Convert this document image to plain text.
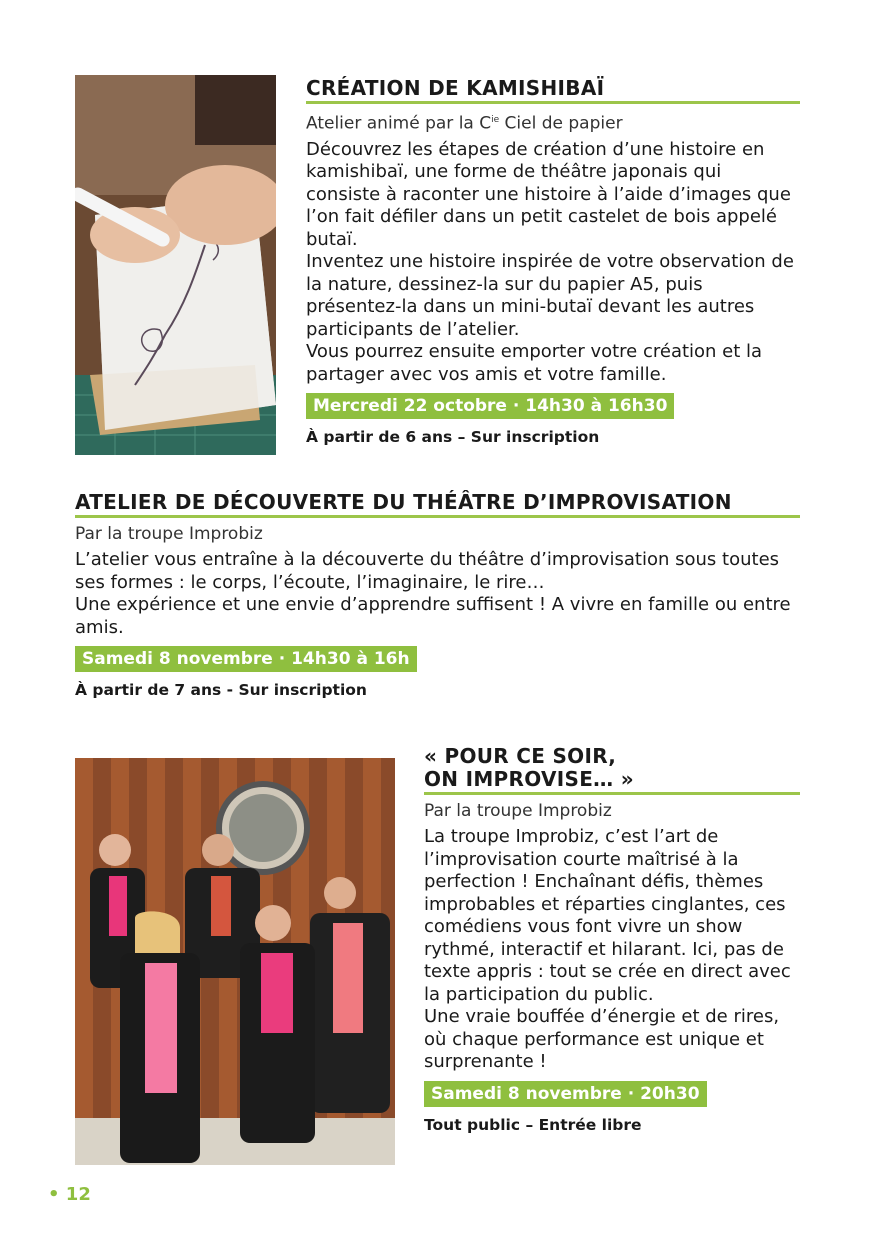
CRÉATION DE KAMISHIBAÏ
Atelier animé par la $C^{ie}$ Ciel de papier

Découvrez les étapes de création d’une histoire en kamishibaï, une forme de théâtre japonais qui consiste à raconter une histoire à l’aide d’images que l’on fait défiler dans un petit castelet de bois appelé butaï.

Inventez une histoire inspirée de votre observation de la nature, dessinez-la sur du papier A5, puis présentez-la dans un mini-butaï devant les autres participants de l’atelier.

Vous pourrez ensuite emporter votre création et la partager avec vos amis et votre famille.

Mercredi 22 octobre · 14h30 à 16h30
À partir de 6 ans – Sur inscription
ATELIER DE DÉCOUVERTE DU THÉÂTRE D’IMPROVISATION
Par la troupe Improbiz

L’atelier vous entraîne à la découverte du théâtre d’improvisation sous toutes ses formes : le corps, l’écoute, l’imaginaire, le rire…

Une expérience et une envie d’apprendre suffisent ! A vivre en famille ou entre amis.

Samedi 8 novembre · 14h30 à 16h
À partir de 7 ans - Sur inscription
« POUR CE SOIR,
ON IMPROVISE… »
Par la troupe Improbiz

La troupe Improbiz, c’est l’art de l’improvisation courte maîtrisé à la perfection ! Enchaînant défis, thèmes improbables et réparties cinglantes, ces comédiens vous font vivre un show rythmé, interactif et hilarant. Ici, pas de texte appris : tout se crée en direct avec la participation du public.

Une vraie bouffée d’énergie et de rires, où chaque performance est unique et surprenante !

Samedi 8 novembre · 20h30
Tout public – Entrée libre
• 12
